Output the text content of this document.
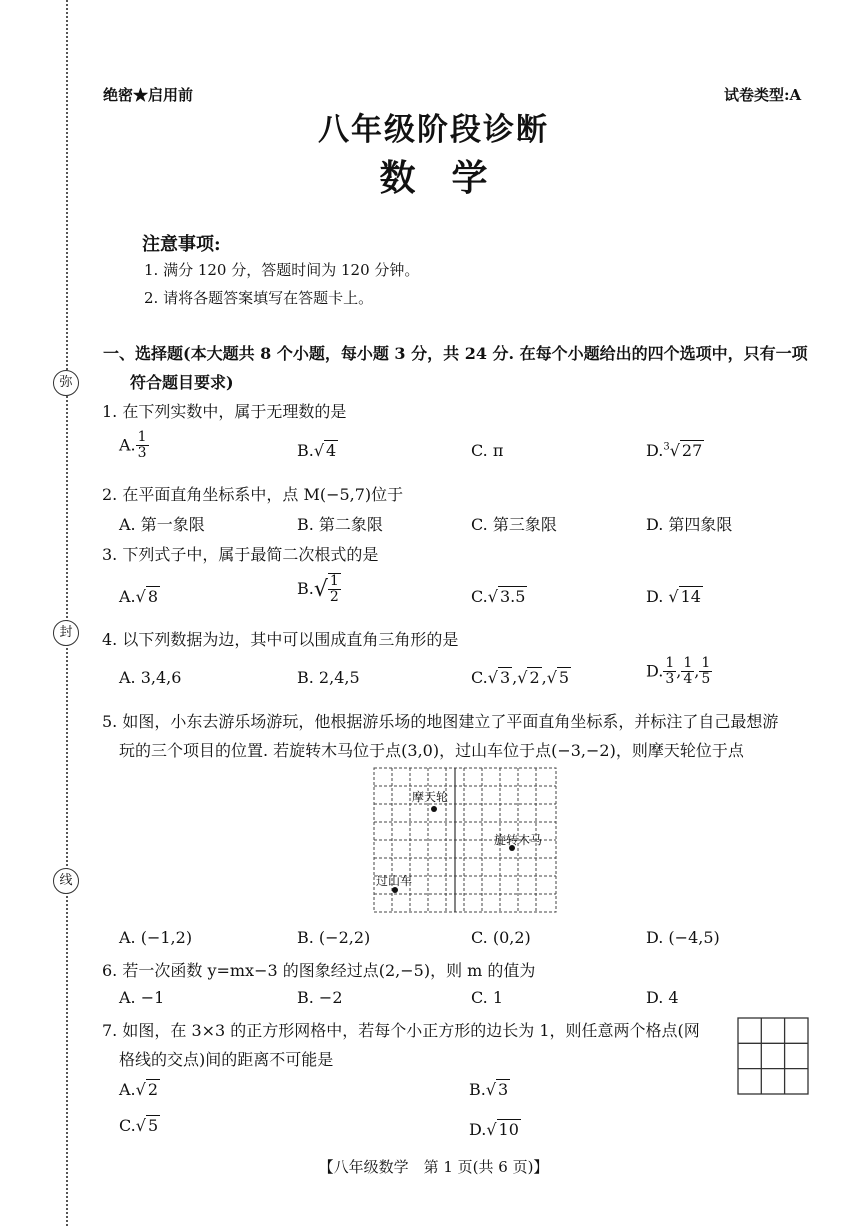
弥
封
线
绝密★启用前	试卷类型:A
八年级阶段诊断
数　学
注意事项:
1. 满分 120 分，答题时间为 120 分钟。
2. 请将各题答案填写在答题卡上。
一、选择题(本大题共 8 个小题，每小题 3 分，共 24 分. 在每个小题给出的四个选项中，只有一项
符合题目要求)
1. 在下列实数中，属于无理数的是
A. $\frac{1}{3}$	B.√ 4	C. π	D.$^3$√ 27
2. 在平面直角坐标系中，点 M(−5,7)位于
A. 第一象限	B. 第二象限	C. 第三象限	D. 第四象限
3. 下列式子中，属于最简二次根式的是
A.√ 8	$B.√ \frac{1}{2}$	C.√ 3.5	D. √ 14
4. 以下列数据为边，其中可以围成直角三角形的是
A. 3,4,6	B. 2,4,5	C.√ 3 ,√ 2 ,√ 5	D. $\frac{1}{3}$ , $\frac{1}{4}$ , $\frac{1}{5}$
5. 如图，小东去游乐场游玩，他根据游乐场的地图建立了平面直角坐标系，并标注了自己最想游
玩的三个项目的位置. 若旋转木马位于点(3,0)，过山车位于点(−3,−2)，则摩天轮位于点
摩天轮
旋转木马
过山车
A. (−1,2)	B. (−2,2)	C. (0,2)	D. (−4,5)
6. 若一次函数 y=mx−3 的图象经过点(2,−5)，则 m 的值为
A. −1	B. −2	C. 1	D. 4
7. 如图，在 3×3 的正方形网格中，若每个小正方形的边长为 1，则任意两个格点(网
格线的交点)间的距离不可能是
A.√ 2	B.√ 3
C.√ 5	D.√ 10
【八年级数学　第 1 页(共 6 页)】
